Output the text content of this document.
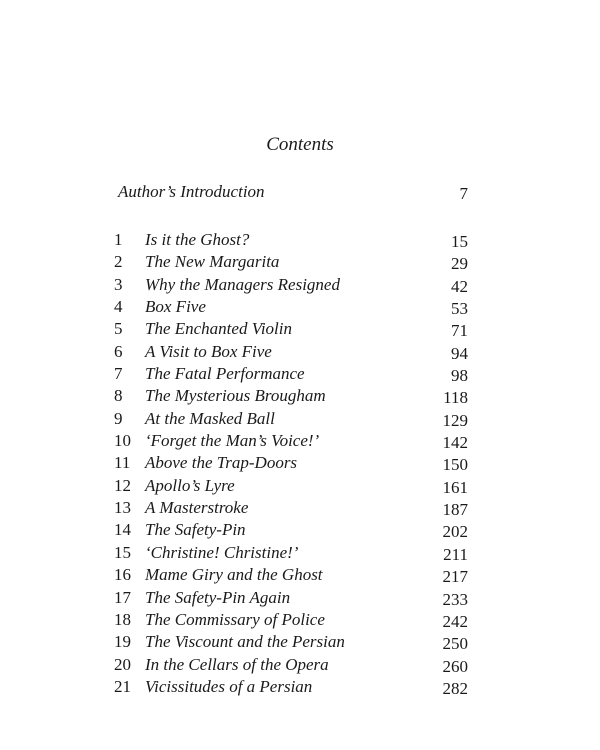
Contents
Author’s Introduction	7
1 Is it the Ghost?	15
2 The New Margarita	29
3 Why the Managers Resigned	42
4 Box Five	53
5 The Enchanted Violin	71
6 A Visit to Box Five	94
7 The Fatal Performance	98
8 The Mysterious Brougham	118
9 At the Masked Ball	129
10 ‘Forget the Man’s Voice!’	142
11 Above the Trap-Doors	150
12 Apollo’s Lyre	161
13 A Masterstroke	187
14 The Safety-Pin	202
15 ‘Christine! Christine!’	211
16 Mame Giry and the Ghost	217
17 The Safety-Pin Again	233
18 The Commissary of Police	242
19 The Viscount and the Persian	250
20 In the Cellars of the Opera	260
21 Vicissitudes of a Persian	282
